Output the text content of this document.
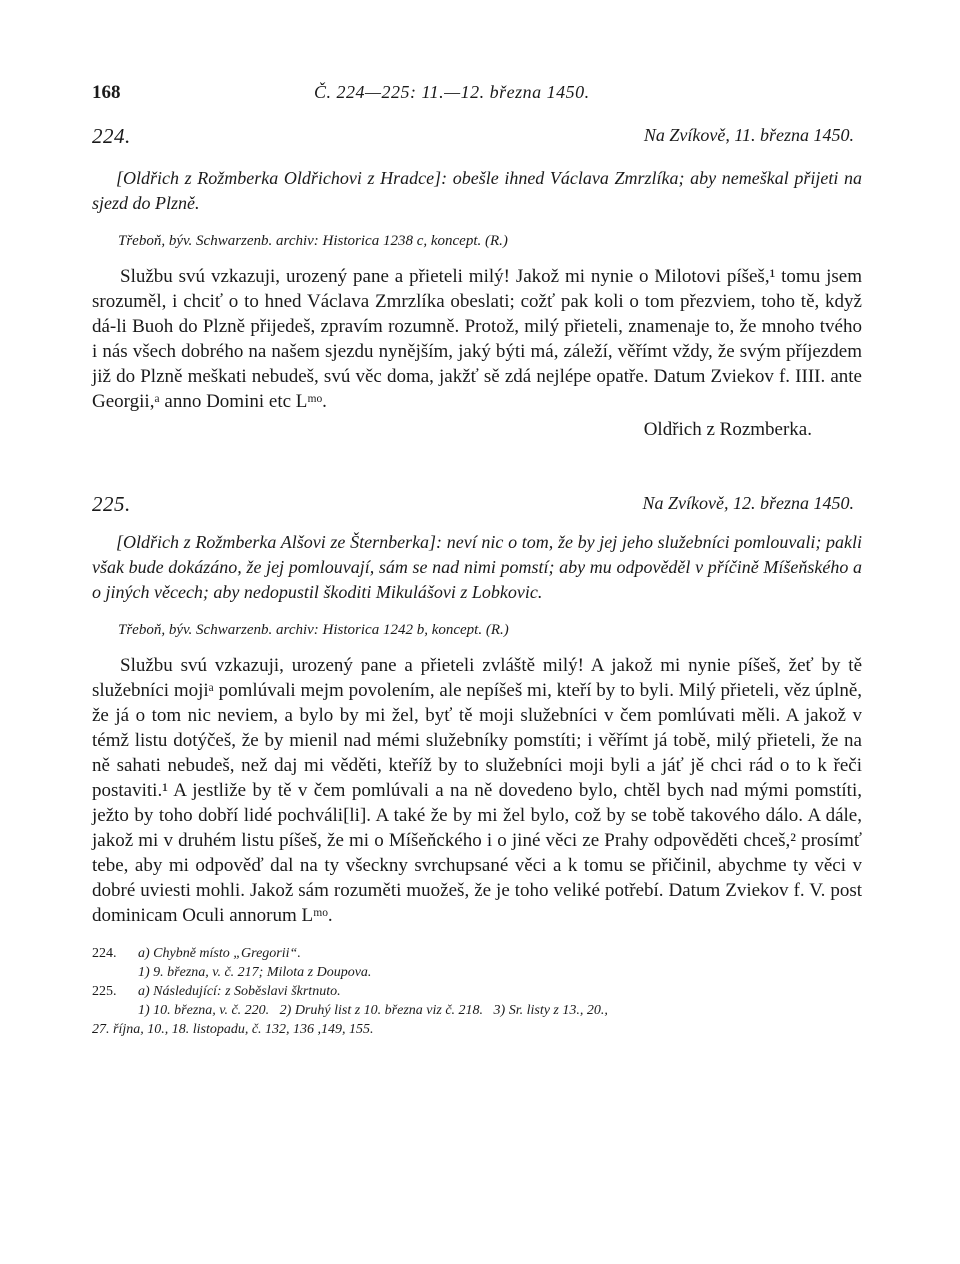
168	Č. 224—225: 11.—12. března 1450.
224.	Na Zvíkově, 11. března 1450.

[Oldřich z Rožmberka Oldřichovi z Hradce]: obešle ihned Václava Zmrzlíka; aby nemeškal přijeti na sjezd do Plzně.

Třeboň, býv. Schwarzenb. archiv: Historica 1238 c, koncept. (R.)

Službu svú vzkazuji, urozený pane a přieteli milý! Jakož mi nynie o Milotovi píšeš,¹ tomu jsem srozuměl, i chciť o to hned Václava Zmrzlíka obeslati; cožť pak koli o tom přezviem, toho tě, když dá-li Buoh do Plzně přijedeš, zpravím rozumně. Protož, milý přieteli, znamenaje to, že mnoho tvého i nás všech dobrého na našem sjezdu nynějším, jaký býti má, záleží, věřímt vždy, že svým příjezdem již do Plzně meškati nebudeš, svú věc doma, jakžť sě zdá nejlépe opatře. Datum Zviekov f. IIII. ante Georgii,ᵃ anno Domini etc Lᵐᵒ.

Oldřich z Rozmberka.
225.	Na Zvíkově, 12. března 1450.

[Oldřich z Rožmberka Alšovi ze Šternberka]: neví nic o tom, že by jej jeho služebníci pomlouvali; pakli však bude dokázáno, že jej pomlouvají, sám se nad nimi pomstí; aby mu odpověděl v příčině Míšeňského a o jiných věcech; aby nedopustil škoditi Mikulášovi z Lobkovic.

Třeboň, býv. Schwarzenb. archiv: Historica 1242 b, koncept. (R.)

Službu svú vzkazuji, urozený pane a přieteli zvláště milý! A jakož mi nynie píšeš, žeť by tě služebníci mojiᵃ pomlúvali mejm povolením, ale nepíšeš mi, kteří by to byli. Milý přieteli, věz úplně, že já o tom nic neviem, a bylo by mi žel, byť tě moji služebníci v čem pomlúvati měli. A jakož v témž listu dotýčeš, že by mienil nad mémi služebníky pomstíti; i věřímt já tobě, milý přieteli, že na ně sahati nebudeš, než daj mi věděti, kteříž by to služebníci moji byli a jáť jě chci rád o to k řeči postaviti.¹ A jestliže by tě v čem pomlúvali a na ně dovedeno bylo, chtěl bych nad mými pomstíti, ježto by toho dobří lidé pochváli[li]. A také že by mi žel bylo, což by se tobě takového dálo. A dále, jakož mi v druhém listu píšeš, že mi o Míšeňckého i o jiné věci ze Prahy odpověděti chceš,² prosímť tebe, aby mi odpověď dal na ty všeckny svrchupsané věci a k tomu se přičinil, abychme ty věci v dobré uviesti mohli. Jakož sám rozuměti muožeš, že je toho veliké potřebí. Datum Zviekov f. V. post dominicam Oculi annorum Lᵐᵒ.

224. a) Chybně místo „Gregorii“.
1) 9. března, v. č. 217; Milota z Doupova.
225. a) Následující: z Soběslavi škrtnuto.
1) 10. března, v. č. 220.   2) Druhý list z 10. března viz č. 218.   3) Sr. listy z 13., 20.,
27. října, 10., 18. listopadu, č. 132, 136 ,149, 155.
